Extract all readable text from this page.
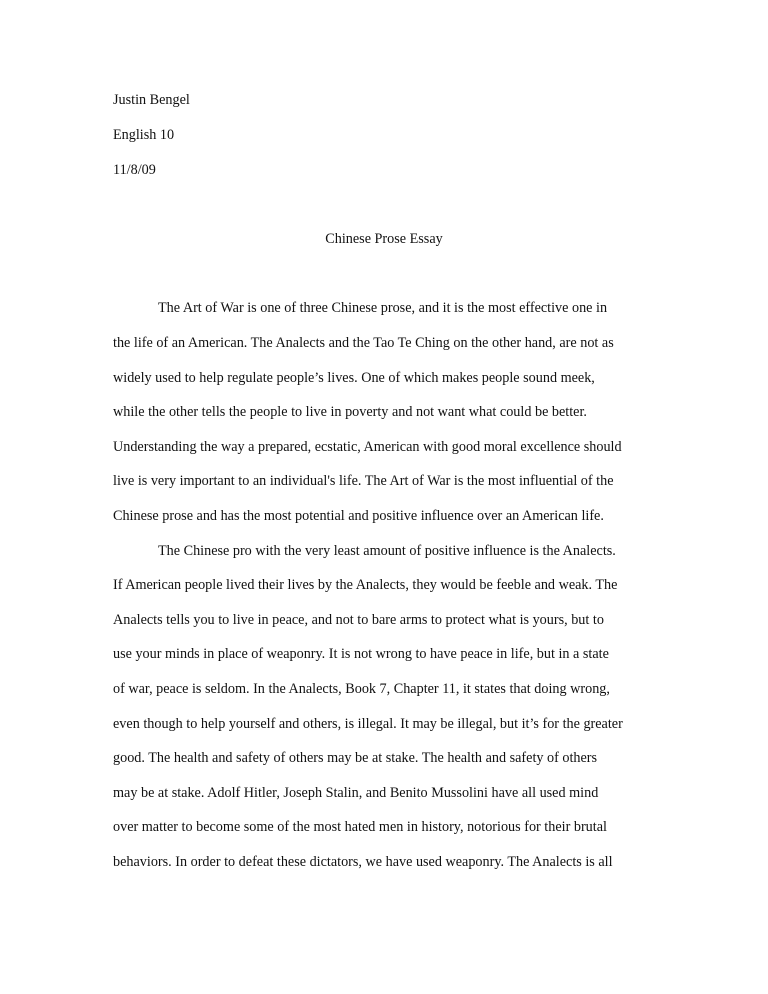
Justin Bengel
English 10
11/8/09
Chinese Prose Essay
The Art of War is one of three Chinese prose, and it is the most effective one in
the life of an American. The Analects and the Tao Te Ching on the other hand, are not as
widely used to help regulate people’s lives. One of which makes people sound meek,
while the other tells the people to live in poverty and not want what could be better.
Understanding the way a prepared, ecstatic, American with good moral excellence should
live is very important to an individual's life. The Art of War is the most influential of the
Chinese prose and has the most potential and positive influence over an American life.
The Chinese pro with the very least amount of positive influence is the Analects.
If American people lived their lives by the Analects, they would be feeble and weak. The
Analects tells you to live in peace, and not to bare arms to protect what is yours, but to
use your minds in place of weaponry. It is not wrong to have peace in life, but in a state
of war, peace is seldom. In the Analects, Book 7, Chapter 11, it states that doing wrong,
even though to help yourself and others, is illegal. It may be illegal, but it’s for the greater
good. The health and safety of others may be at stake. The health and safety of others
may be at stake. Adolf Hitler, Joseph Stalin, and Benito Mussolini have all used mind
over matter to become some of the most hated men in history, notorious for their brutal
behaviors. In order to defeat these dictators, we have used weaponry. The Analects is all
